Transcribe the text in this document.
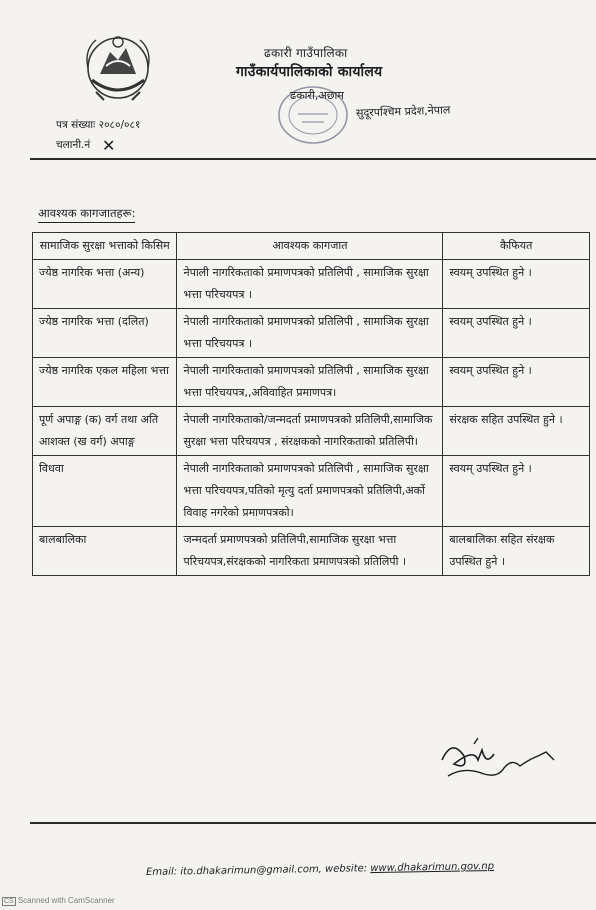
ढकारी गाउँपालिका
गाउँकार्यपालिकाको कार्यालय
ढकारी,अछाम
सुदूरपश्चिम प्रदेश,नेपाल
पत्र संख्याः २०८०/०८१
चलानी.नं ✕
आवश्यक कागजातहरू:
सामाजिक सुरक्षा भत्ताको किसिम	आवश्यक कागजात	कैफियत
ज्येष्ठ नागरिक भत्ता (अन्य)	नेपाली नागरिकताको प्रमाणपत्रको प्रतिलिपी , सामाजिक सुरक्षा भत्ता परिचयपत्र ।	स्वयम् उपस्थित हुने ।
ज्येष्ठ नागरिक भत्ता (दलित)	नेपाली नागरिकताको प्रमाणपत्रको प्रतिलिपी , सामाजिक सुरक्षा भत्ता परिचयपत्र ।	स्वयम् उपस्थित हुने ।
ज्येष्ठ नागरिक एकल महिला भत्ता	नेपाली नागरिकताको प्रमाणपत्रको प्रतिलिपी , सामाजिक सुरक्षा भत्ता परिचयपत्र,,अविवाहित प्रमाणपत्र।	स्वयम् उपस्थित हुने ।
पूर्ण अपाङ्ग (क) वर्ग तथा अति आशक्त (ख वर्ग) अपाङ्ग	नेपाली नागरिकताको/जन्मदर्ता प्रमाणपत्रको प्रतिलिपी,सामाजिक सुरक्षा भत्ता परिचयपत्र , संरक्षकको नागरिकताको प्रतिलिपी।	संरक्षक सहित उपस्थित हुने ।
विधवा	नेपाली नागरिकताको प्रमाणपत्रको प्रतिलिपी , सामाजिक सुरक्षा भत्ता परिचयपत्र,पतिको मृत्यु दर्ता प्रमाणपत्रको प्रतिलिपी,अर्को विवाह नगरेको प्रमाणपत्रको।	स्वयम् उपस्थित हुने ।
बालबालिका	जन्मदर्ता प्रमाणपत्रको प्रतिलिपी,सामाजिक सुरक्षा भत्ता परिचयपत्र,संरक्षकको नागरिकता प्रमाणपत्रको प्रतिलिपी ।	बालबालिका सहित संरक्षक उपस्थित हुने ।
Email: ito.dhakarimun@gmail.com, website: www.dhakarimun.gov.np
CS Scanned with CamScanner
